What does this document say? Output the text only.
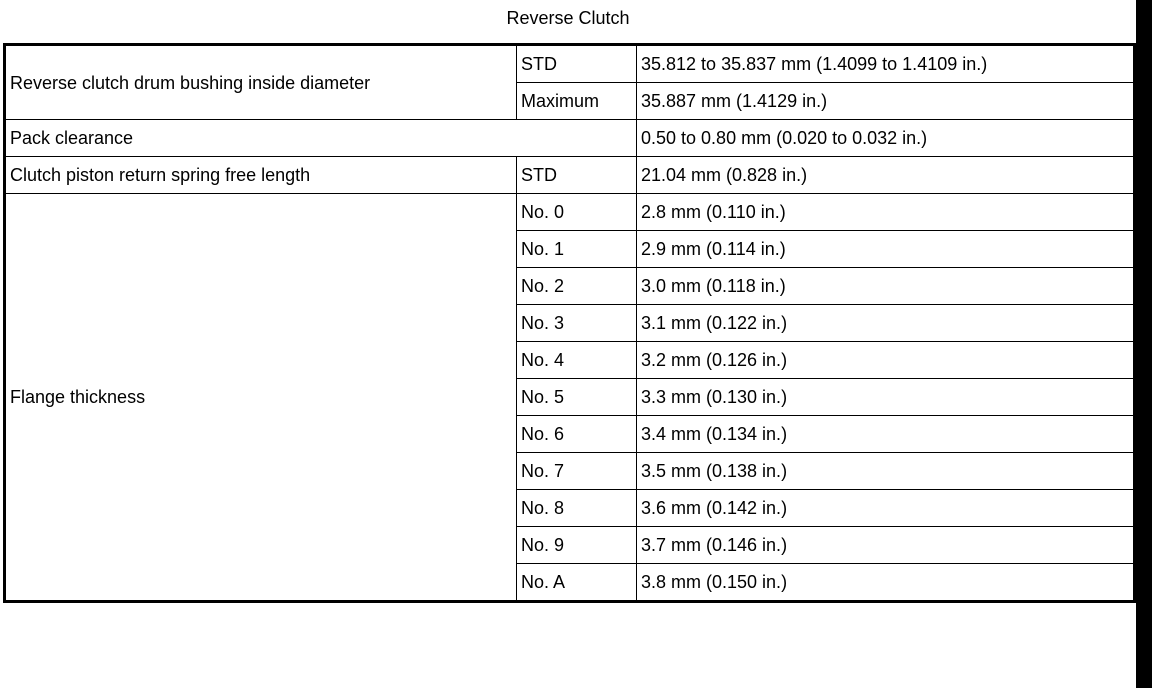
Reverse Clutch
Reverse clutch drum bushing inside diameter	STD	35.812 to 35.837 mm (1.4099 to 1.4109 in.)
	Maximum	35.887 mm (1.4129 in.)
Pack clearance		0.50 to 0.80 mm (0.020 to 0.032 in.)
Clutch piston return spring free length	STD	21.04 mm (0.828 in.)
Flange thickness	No. 0	2.8 mm (0.110 in.)
	No. 1	2.9 mm (0.114 in.)
	No. 2	3.0 mm (0.118 in.)
	No. 3	3.1 mm (0.122 in.)
	No. 4	3.2 mm (0.126 in.)
	No. 5	3.3 mm (0.130 in.)
	No. 6	3.4 mm (0.134 in.)
	No. 7	3.5 mm (0.138 in.)
	No. 8	3.6 mm (0.142 in.)
	No. 9	3.7 mm (0.146 in.)
	No. A	3.8 mm (0.150 in.)
